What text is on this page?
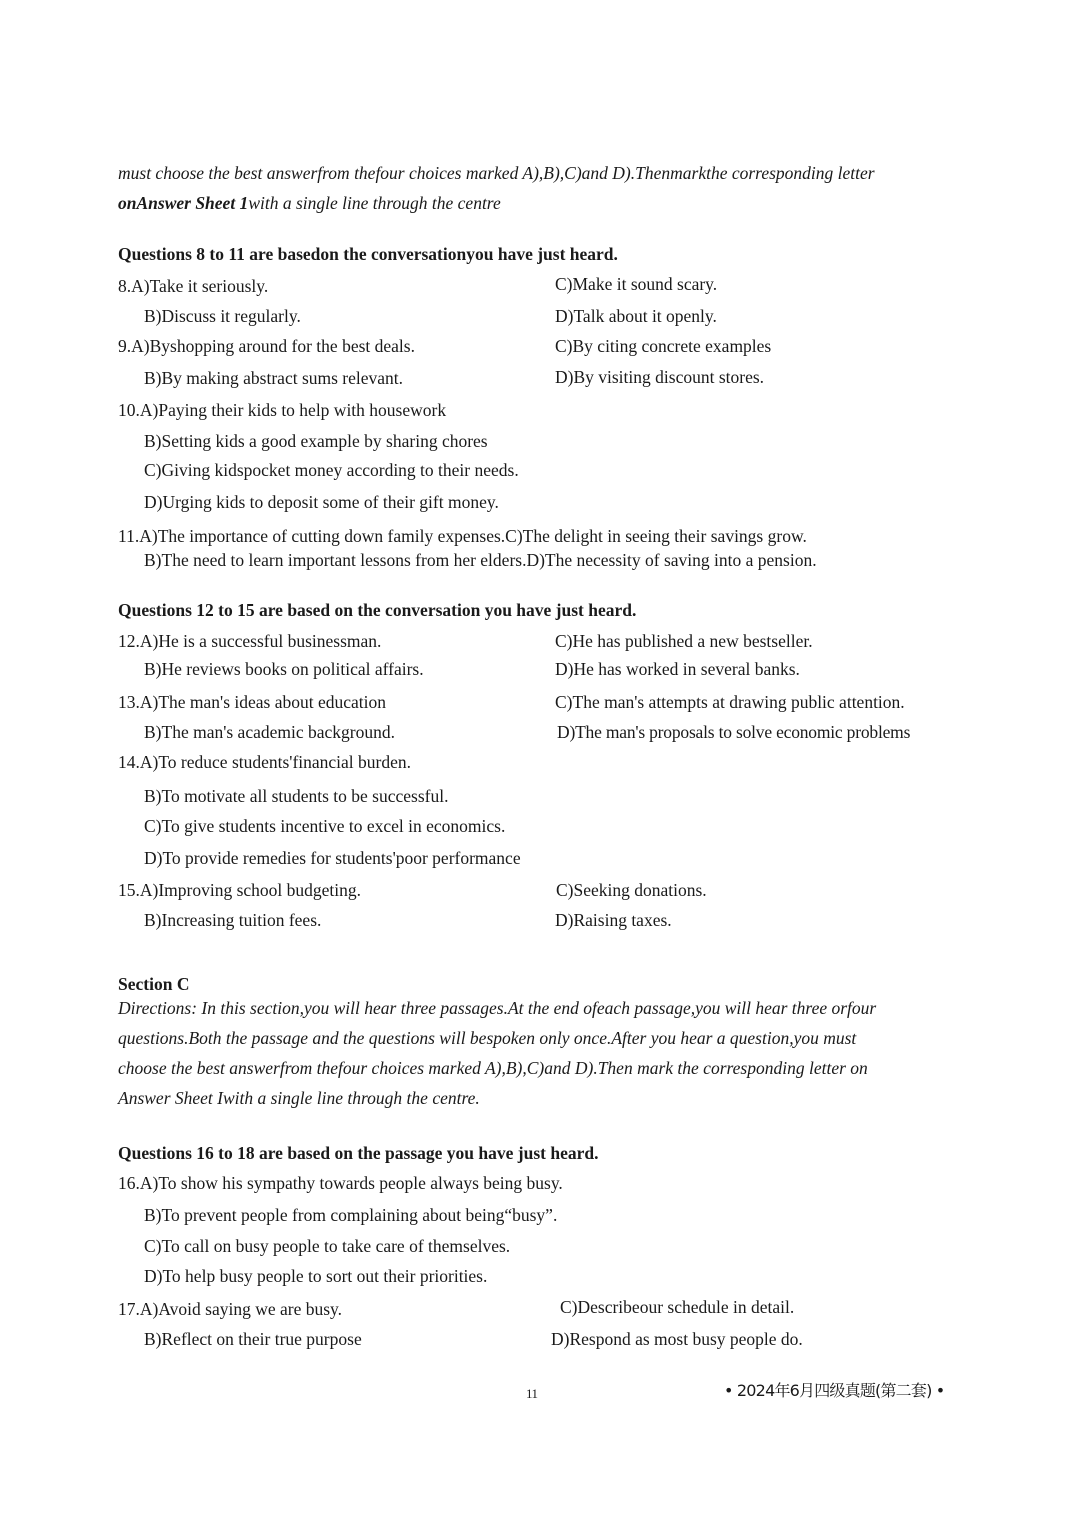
must choose the best answerfrom thefour choices marked A),B),C)and D).Thenmarkthe corresponding letter
onAnswer Sheet 1with a single line through the centre
Questions 8 to 11 are basedon the conversationyou have just heard.
8.A)Take it seriously.	C)Make it sound scary.
B)Discuss it regularly.	D)Talk about it openly.
9.A)Byshopping around for the best deals.	C)By citing concrete examples
B)By making abstract sums relevant.	D)By visiting discount stores.
10.A)Paying their kids to help with housework
B)Setting kids a good example by sharing chores
C)Giving kidspocket money according to their needs.
D)Urging kids to deposit some of their gift money.
11.A)The importance of cutting down family expenses.C)The delight in seeing their savings grow.
B)The need to learn important lessons from her elders.D)The necessity of saving into a pension.
Questions 12 to 15 are based on the conversation you have just heard.
12.A)He is a successful businessman.	C)He has published a new bestseller.
B)He reviews books on political affairs.	D)He has worked in several banks.
13.A)The man's ideas about education	C)The man's attempts at drawing public attention.
B)The man's academic background.	D)The man's proposals to solve economic problems
14.A)To reduce students'financial burden.
B)To motivate all students to be successful.
C)To give students incentive to excel in economics.
D)To provide remedies for students'poor performance
15.A)Improving school budgeting.	C)Seeking donations.
B)Increasing tuition fees.	D)Raising taxes.
Section C
Directions: In this section,you will hear three passages.At the end ofeach passage,you will hear three orfour
questions.Both the passage and the questions will bespoken only once.After you hear a question,you must
choose the best answerfrom thefour choices marked A),B),C)and D).Then mark the corresponding letter on
Answer Sheet Iwith a single line through the centre.
Questions 16 to 18 are based on the passage you have just heard.
16.A)To show his sympathy towards people always being busy.
B)To prevent people from complaining about being“busy”.
C)To call on busy people to take care of themselves.
D)To help busy people to sort out their priorities.
17.A)Avoid saying we are busy.	C)Describeour schedule in detail.
B)Reflect on their true purpose	D)Respond as most busy people do.
11	• 2024年6月四级真题(第二套) •
